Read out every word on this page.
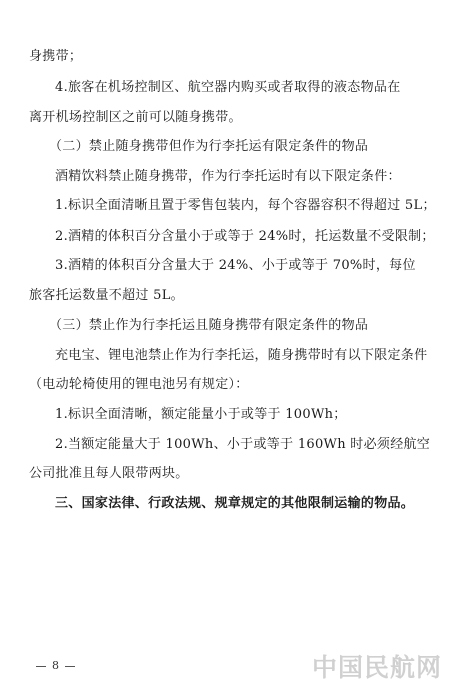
身携带；
4.旅客在机场控制区、航空器内购买或者取得的液态物品在
离开机场控制区之前可以随身携带。
（二）禁止随身携带但作为行李托运有限定条件的物品
酒精饮料禁止随身携带，作为行李托运时有以下限定条件：
1.标识全面清晰且置于零售包装内，每个容器容积不得超过 5L；
2.酒精的体积百分含量小于或等于 24%时，托运数量不受限制；
3.酒精的体积百分含量大于 24%、小于或等于 70%时，每位
旅客托运数量不超过 5L。
（三）禁止作为行李托运且随身携带有限定条件的物品
充电宝、锂电池禁止作为行李托运，随身携带时有以下限定条件
（电动轮椅使用的锂电池另有规定）：
1.标识全面清晰，额定能量小于或等于 100Wh；
2.当额定能量大于 100Wh、小于或等于 160Wh 时必须经航空
公司批准且每人限带两块。
三、国家法律、行政法规、规章规定的其他限制运输的物品。
8	中国民航网
